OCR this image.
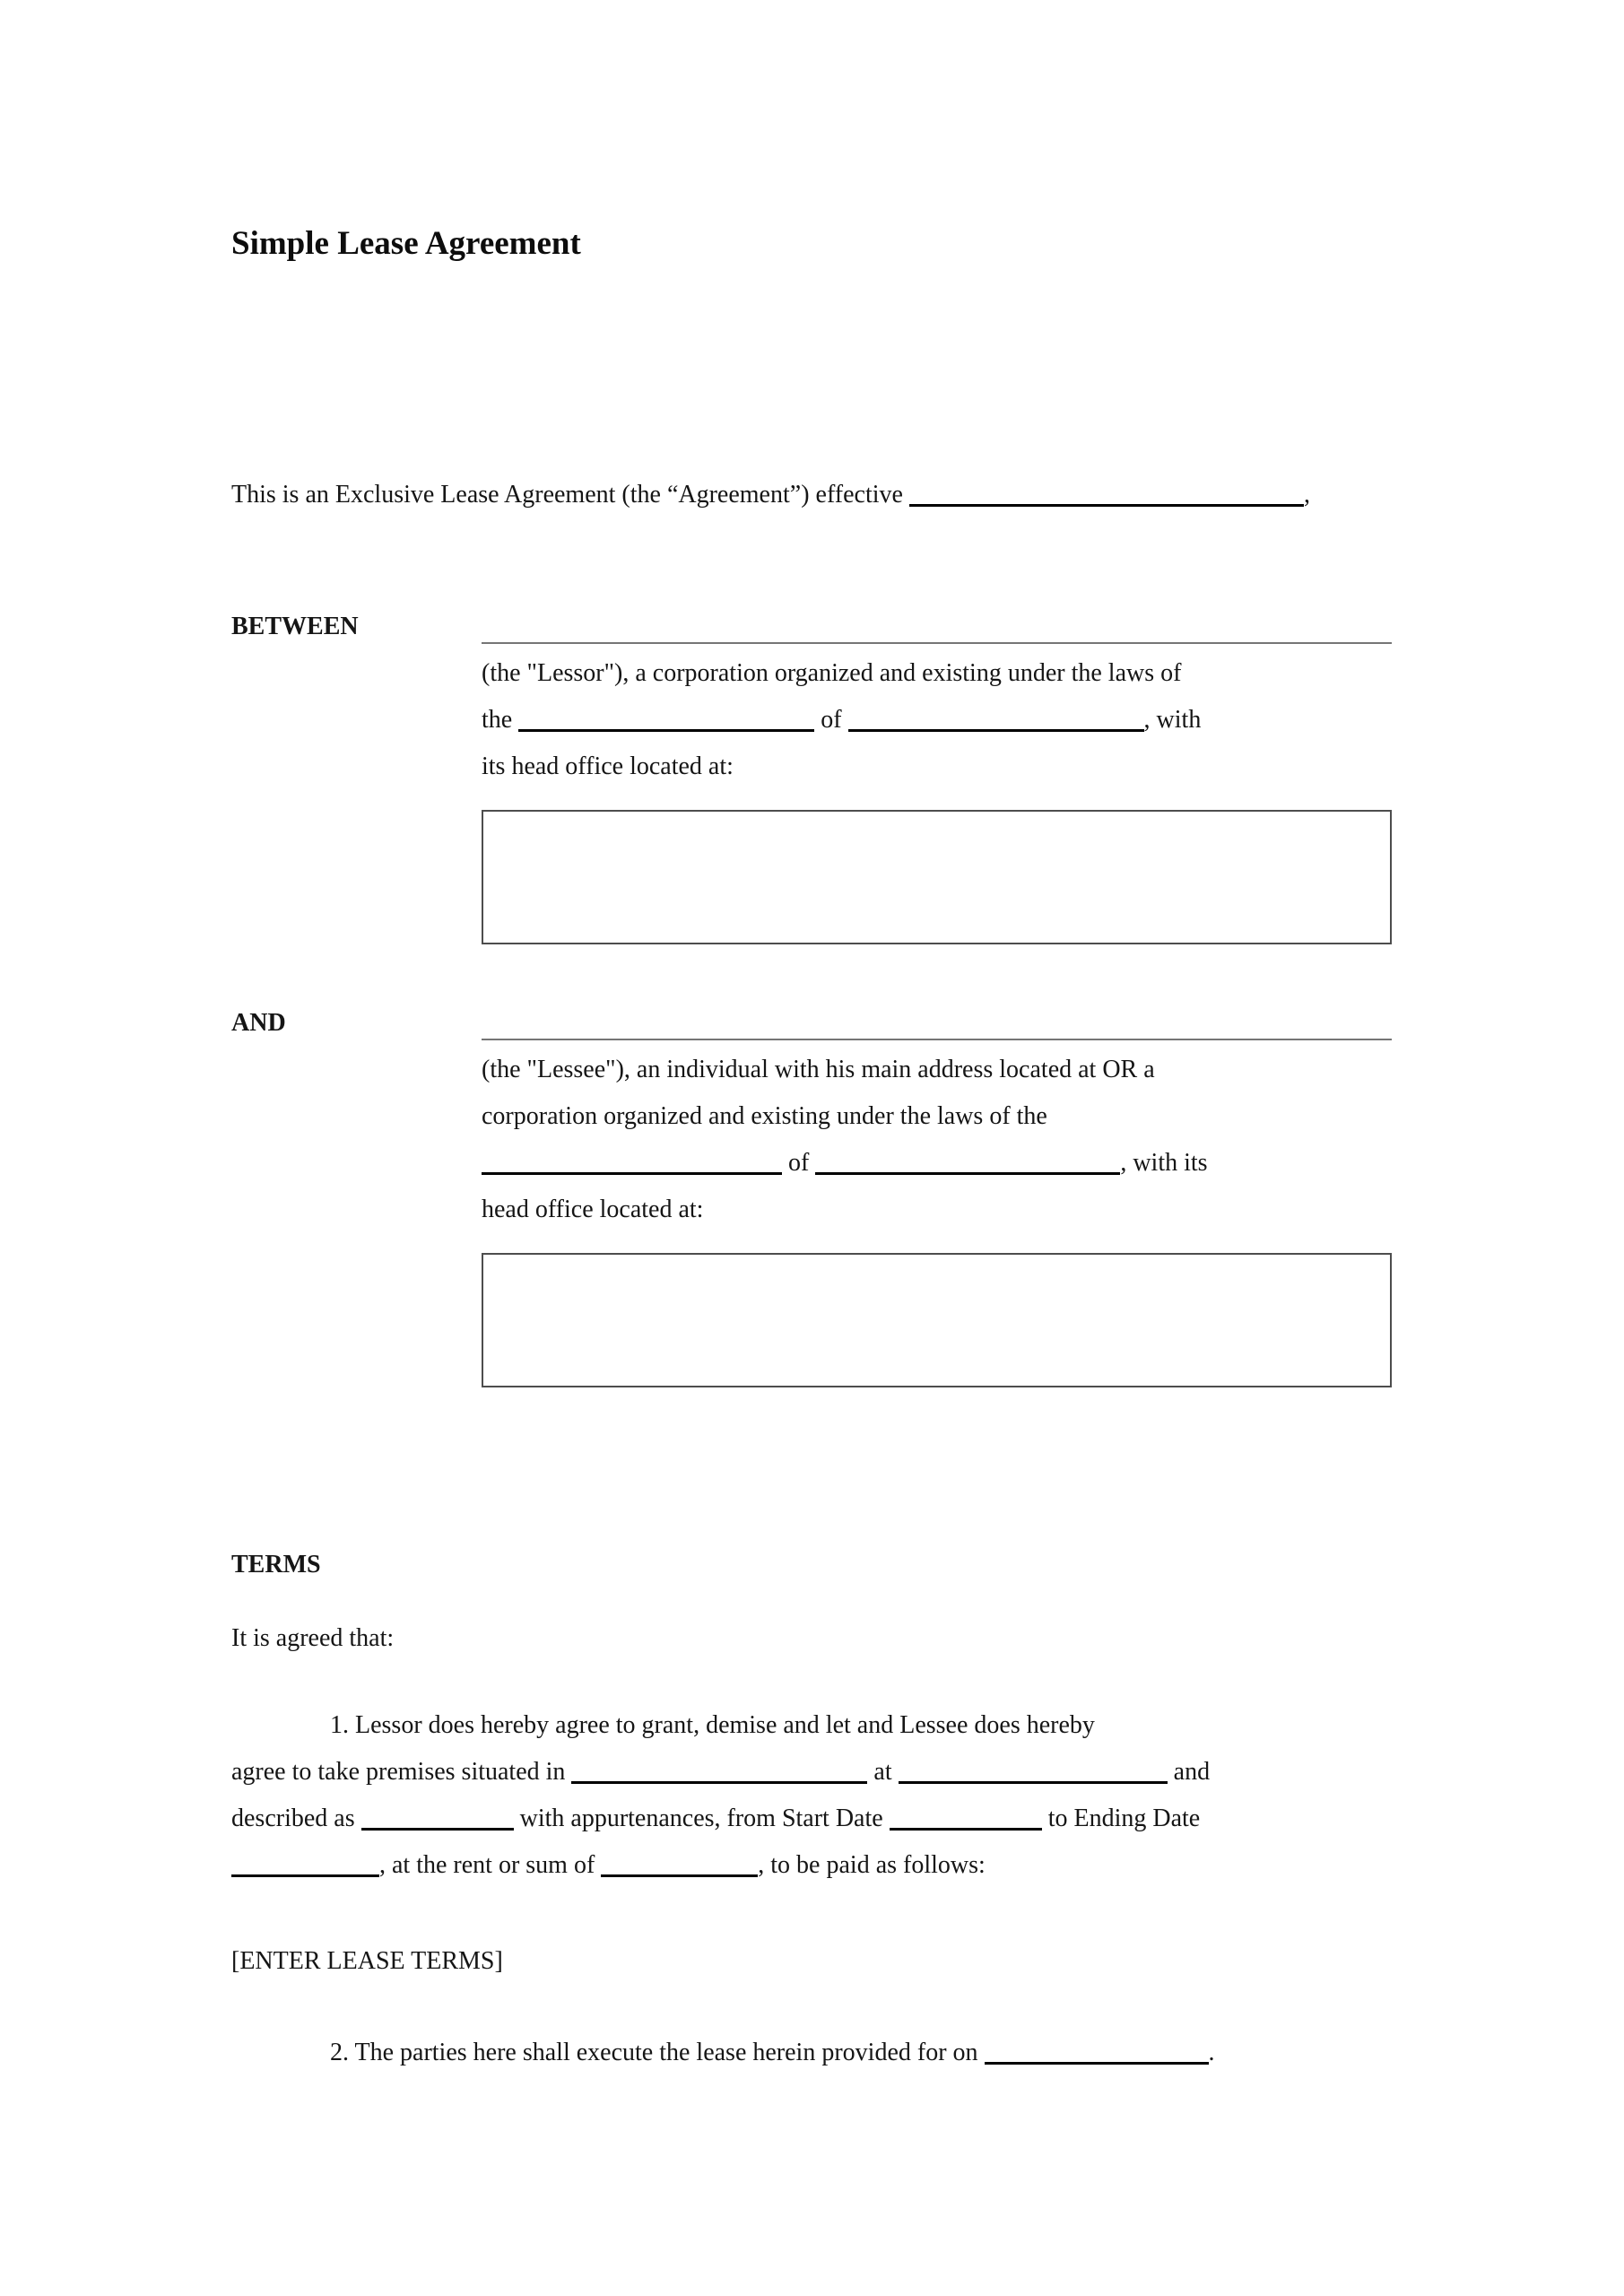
Simple Lease Agreement
This is an Exclusive Lease Agreement (the “Agreement”) effective	,
BETWEEN
(the "Lessor"), a corporation organized and existing under the laws of
the	of	, with
its head office located at:
AND
(the "Lessee"), an individual with his main address located at OR a
corporation organized and existing under the laws of the
of	, with its
head office located at:
TERMS
It is agreed that:
1. Lessor does hereby agree to grant, demise and let and Lessee does hereby
agree to take premises situated in	at	and
described as	with appurtenances, from Start Date	to Ending Date
, at the rent or sum of	, to be paid as follows:
[ENTER LEASE TERMS]
2. The parties here shall execute the lease herein provided for on	.
